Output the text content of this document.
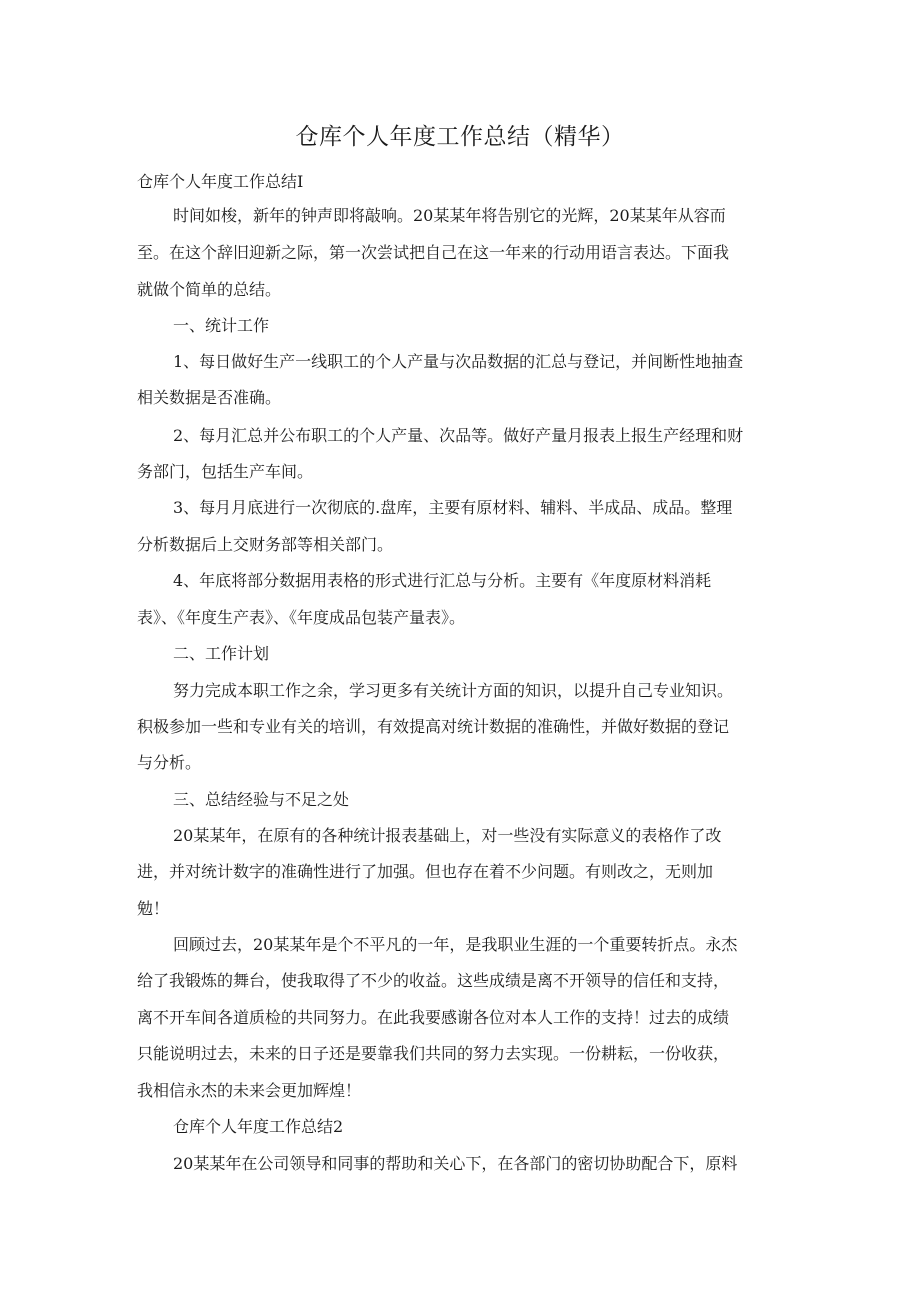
仓库个人年度工作总结（精华）
仓库个人年度工作总结Ⅰ
时间如梭，新年的钟声即将敲响。20某某年将告别它的光辉，20某某年从容而
至。在这个辞旧迎新之际，第一次尝试把自己在这一年来的行动用语言表达。下面我
就做个简单的总结。
一、统计工作
1、每日做好生产一线职工的个人产量与次品数据的汇总与登记，并间断性地抽查
相关数据是否准确。
2、每月汇总并公布职工的个人产量、次品等。做好产量月报表上报生产经理和财
务部门，包括生产车间。
3、每月月底进行一次彻底的.盘库，主要有原材料、辅料、半成品、成品。整理
分析数据后上交财务部等相关部门。
4、年底将部分数据用表格的形式进行汇总与分析。主要有《年度原材料消耗
表》、《年度生产表》、《年度成品包装产量表》。
二、工作计划
努力完成本职工作之余，学习更多有关统计方面的知识，以提升自己专业知识。
积极参加一些和专业有关的培训，有效提高对统计数据的准确性，并做好数据的登记
与分析。
三、总结经验与不足之处
20某某年，在原有的各种统计报表基础上，对一些没有实际意义的表格作了改
进，并对统计数字的准确性进行了加强。但也存在着不少问题。有则改之，无则加
勉！
回顾过去，20某某年是个不平凡的一年，是我职业生涯的一个重要转折点。永杰
给了我锻炼的舞台，使我取得了不少的收益。这些成绩是离不开领导的信任和支持，
离不开车间各道质检的共同努力。在此我要感谢各位对本人工作的支持！过去的成绩
只能说明过去，未来的日子还是要靠我们共同的努力去实现。一份耕耘，一份收获，
我相信永杰的未来会更加辉煌！
仓库个人年度工作总结2
20某某年在公司领导和同事的帮助和关心下，在各部门的密切协助配合下，原料
